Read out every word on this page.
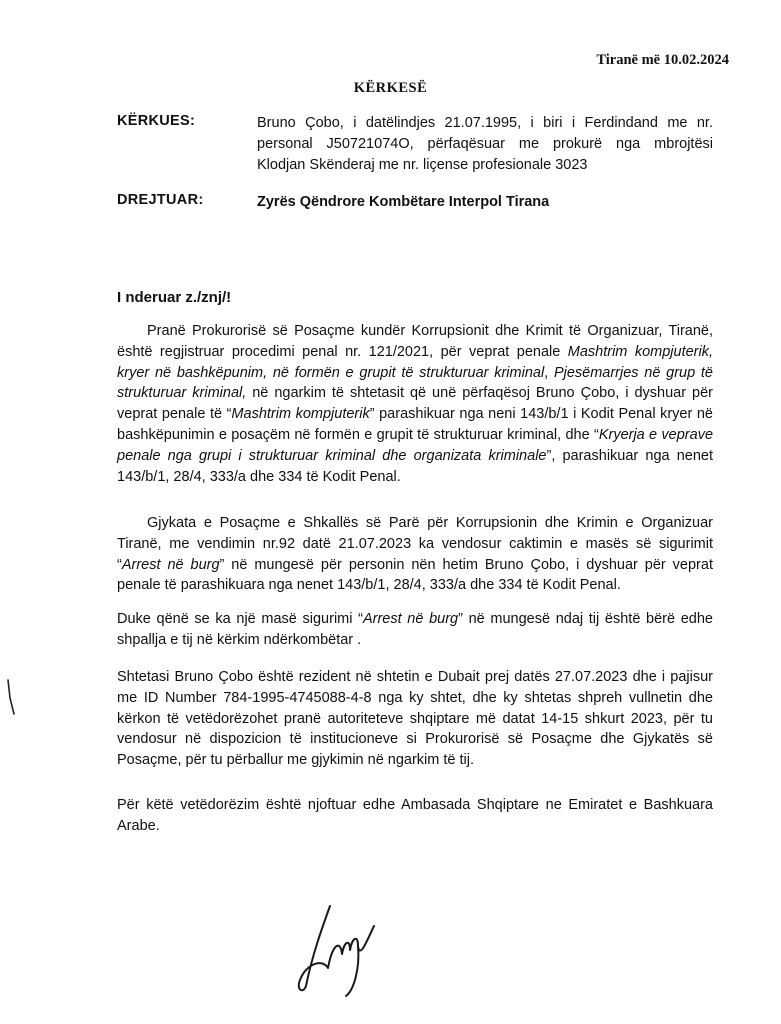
Tiranë më 10.02.2024
KËRKESË
KËRKUES:	Bruno Çobo, i datëlindjes 21.07.1995, i biri i Ferdindand me nr.
personal J50721074O, përfaqësuar me prokurë nga mbrojtësi
Klodjan Skënderaj me nr. liçense profesionale 3023
DREJTUAR:	Zyrës Qëndrore Kombëtare Interpol Tirana
I nderuar z./znj/!
Pranë Prokurorisë së Posaçme kundër Korrupsionit dhe Krimit të Organizuar, Tiranë, është regjistruar procedimi penal nr. 121/2021, për veprat penale Mashtrim kompjuterik, kryer në bashkëpunim, në formën e grupit të strukturuar kriminal, Pjesëmarrjes në grup të strukturuar kriminal, në ngarkim të shtetasit që unë përfaqësoj Bruno Çobo, i dyshuar për veprat penale të “Mashtrim kompjuterik” parashikuar nga neni 143/b/1 i Kodit Penal kryer në bashkëpunimin e posaçëm në formën e grupit të strukturuar kriminal, dhe “Kryerja e veprave penale nga grupi i strukturuar kriminal dhe organizata kriminale”, parashikuar nga nenet 143/b/1, 28/4, 333/a dhe 334 të Kodit Penal.
Gjykata e Posaçme e Shkallës së Parë për Korrupsionin dhe Krimin e Organizuar Tiranë, me vendimin nr.92 datë 21.07.2023 ka vendosur caktimin e masës së sigurimit “Arrest në burg” në mungesë për personin nën hetim Bruno Çobo, i dyshuar për veprat penale të parashikuara nga nenet 143/b/1, 28/4, 333/a dhe 334 të Kodit Penal.
Duke qënë se ka një masë sigurimi “Arrest në burg” në mungesë ndaj tij është bërë edhe shpallja e tij në kërkim ndërkombëtar .
Shtetasi Bruno Çobo është rezident në shtetin e Dubait prej datës 27.07.2023 dhe i pajisur me ID Number 784-1995-4745088-4-8 nga ky shtet, dhe ky shtetas shpreh vullnetin dhe kërkon të vetëdorëzohet pranë autoriteteve shqiptare më datat 14-15 shkurt 2023, për tu vendosur në dispozicion të institucioneve si Prokurorisë së Posaçme dhe Gjykatës së Posaçme, për tu përballur me gjykimin në ngarkim të tij.
Për këtë vetëdorëzim është njoftuar edhe Ambasada Shqiptare ne Emiratet e Bashkuara Arabe.
